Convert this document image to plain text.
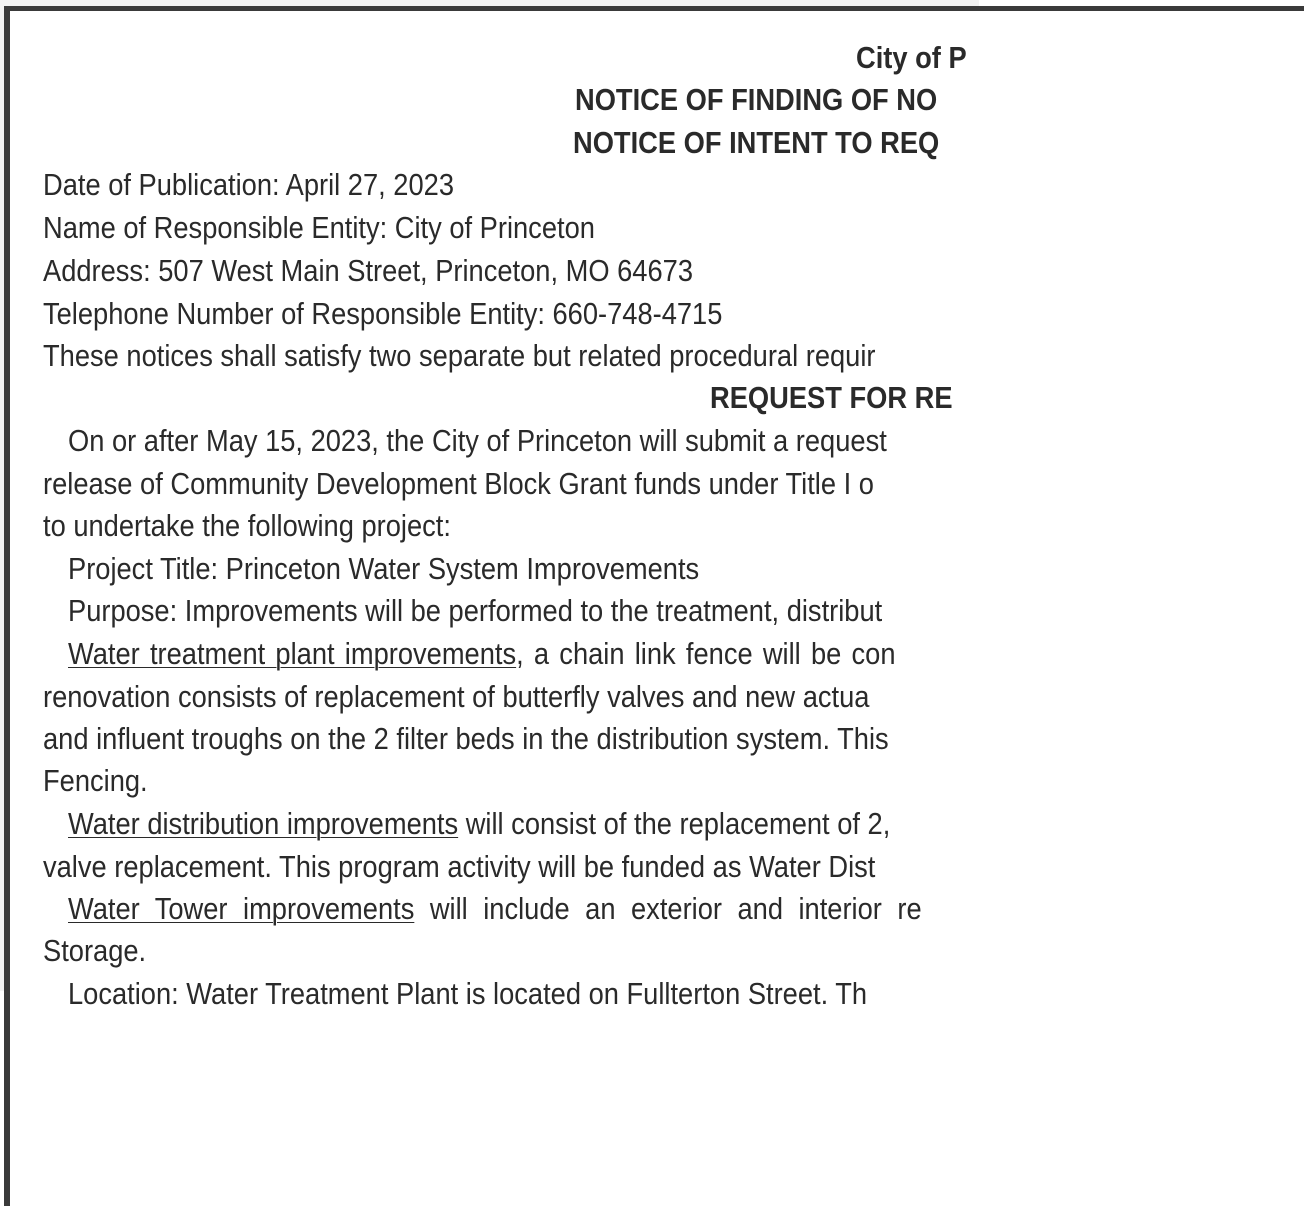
City of P
NOTICE OF FINDING OF NO
NOTICE OF INTENT TO REQ
Date of Publication: April 27, 2023
Name of Responsible Entity: City of Princeton
Address: 507 West Main Street, Princeton, MO 64673
Telephone Number of Responsible Entity: 660-748-4715
These notices shall satisfy two separate but related procedural requir
REQUEST FOR RE
On or after May 15, 2023, the City of Princeton will submit a request
release of Community Development Block Grant funds under Title I o
to undertake the following project:
Project Title: Princeton Water System Improvements
Purpose: Improvements will be performed to the treatment, distribut
Water treatment plant improvements, a chain link fence will be con
renovation consists of replacement of butterfly valves and new actua
and influent troughs on the 2 filter beds in the distribution system. This
Fencing.
Water distribution improvements will consist of the replacement of 2,
valve replacement. This program activity will be funded as Water Dist
Water Tower improvements will include an exterior and interior re
Storage.
Location: Water Treatment Plant is located on Fullterton Street. Th
